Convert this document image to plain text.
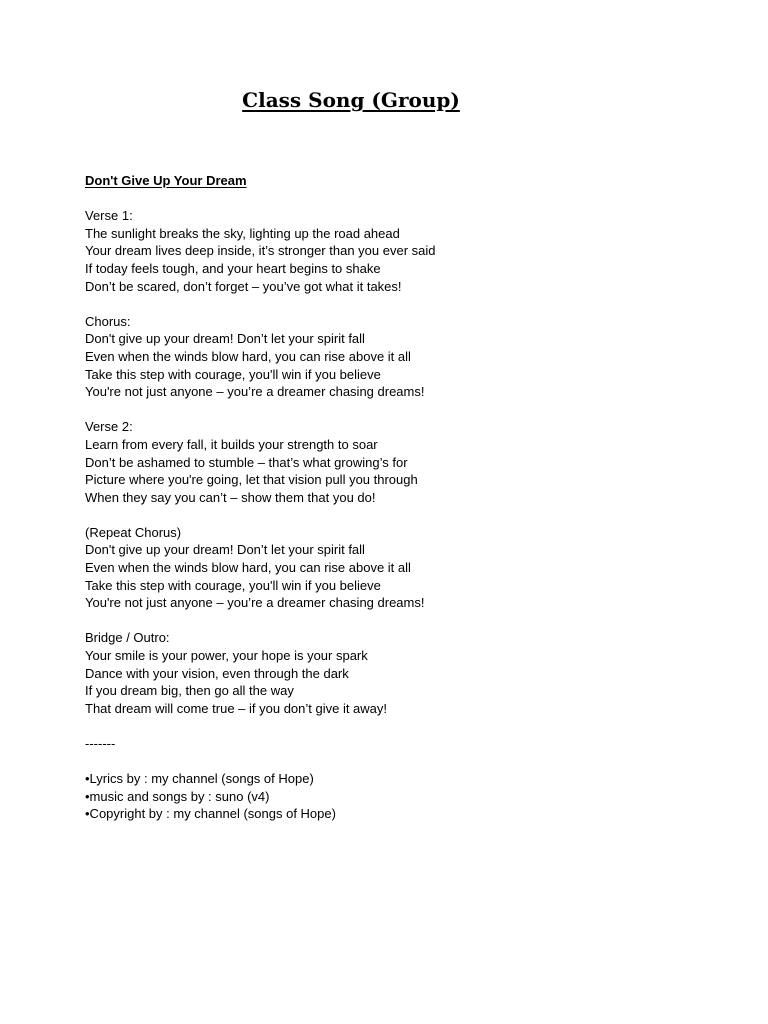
Class Song (Group)
Don't Give Up Your Dream
Verse 1:
The sunlight breaks the sky, lighting up the road ahead
Your dream lives deep inside, it’s stronger than you ever said
If today feels tough, and your heart begins to shake
Don’t be scared, don’t forget – you’ve got what it takes!
Chorus:
Don't give up your dream! Don’t let your spirit fall
Even when the winds blow hard, you can rise above it all
Take this step with courage, you'll win if you believe
You're not just anyone – you’re a dreamer chasing dreams!
Verse 2:
Learn from every fall, it builds your strength to soar
Don’t be ashamed to stumble – that’s what growing’s for
Picture where you're going, let that vision pull you through
When they say you can’t – show them that you do!
(Repeat Chorus)
Don't give up your dream! Don’t let your spirit fall
Even when the winds blow hard, you can rise above it all
Take this step with courage, you'll win if you believe
You're not just anyone – you’re a dreamer chasing dreams!
Bridge / Outro:
Your smile is your power, your hope is your spark
Dance with your vision, even through the dark
If you dream big, then go all the way
That dream will come true – if you don’t give it away!
-------
•Lyrics by : my channel (songs of Hope)
•music and songs by : suno (v4)
•Copyright by : my channel (songs of Hope)
